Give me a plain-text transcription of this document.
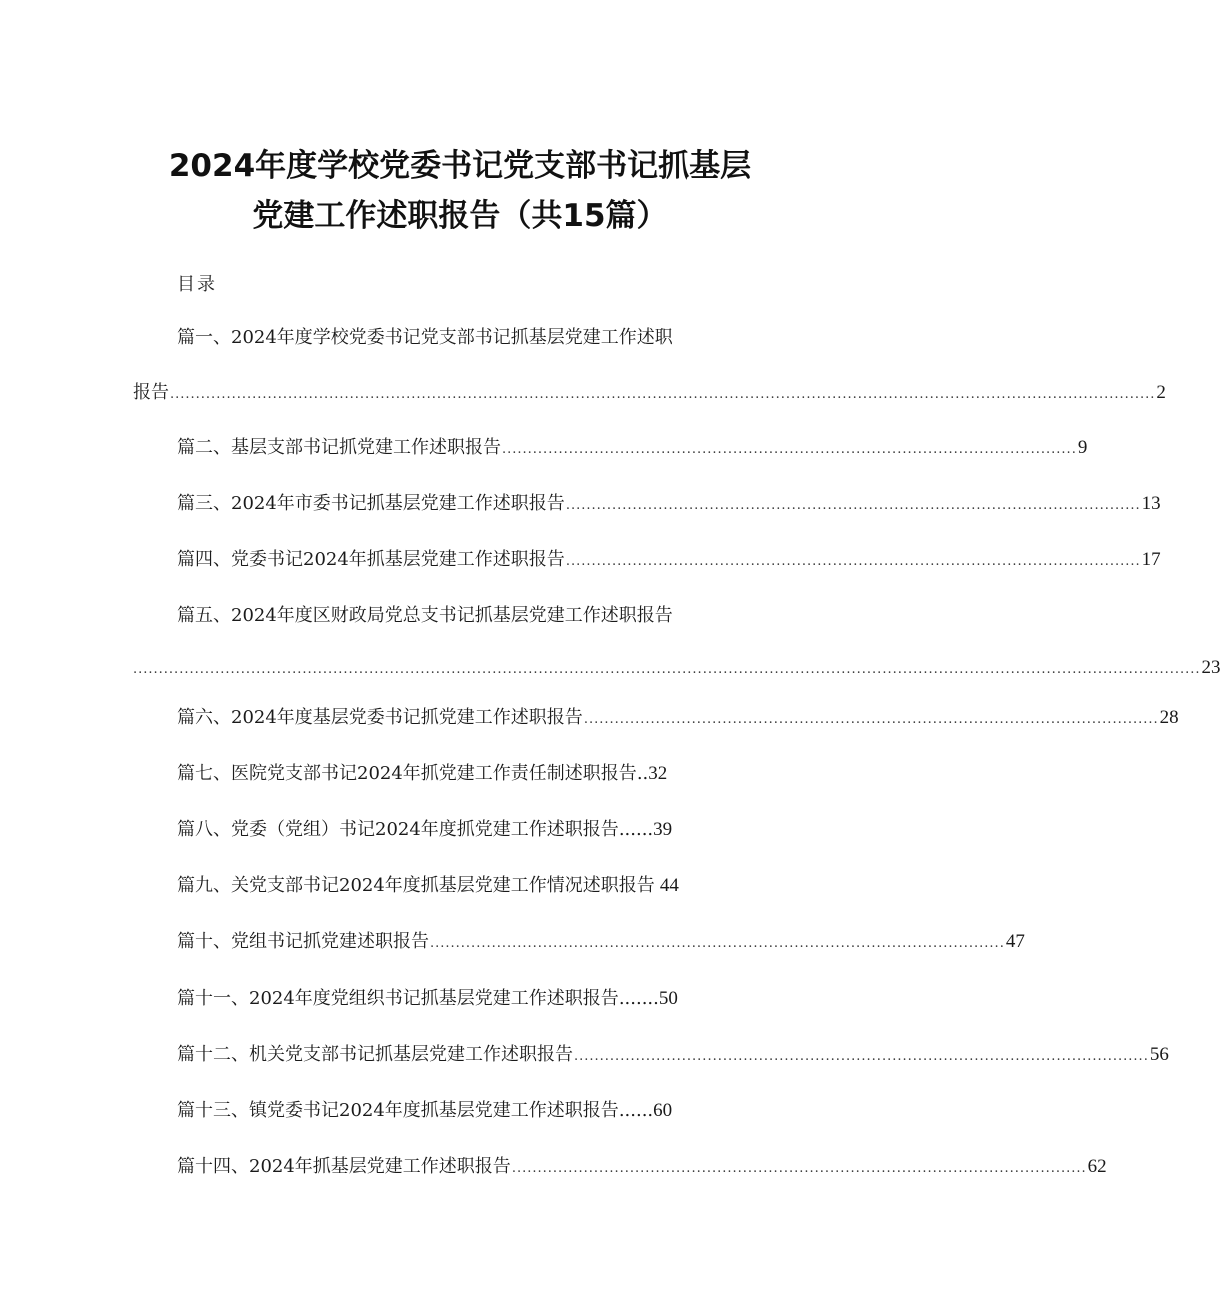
2024年度学校党委书记党支部书记抓基层
党建工作述职报告（共15篇）
目录
篇一、2024年度学校党委书记党支部书记抓基层党建工作述职
报告 ................................................................................................................................................................................................ 2
篇二、基层支部书记抓党建工作述职报告 ................................................................................................................ 9
篇三、2024年市委书记抓基层党建工作述职报告 ................................................................................................................ 13
篇四、党委书记2024年抓基层党建工作述职报告 ................................................................................................................ 17
篇五、2024年度区财政局党总支书记抓基层党建工作述职报告
................................................................................................................................................................................................................ 23
篇六、2024年度基层党委书记抓党建工作述职报告 ................................................................................................................ 28
篇七、医院党支部书记2024年抓党建工作责任制述职报告 .. 32
篇八、党委（党组）书记2024年度抓党建工作述职报告 ...... 39
篇九、关党支部书记2024年度抓基层党建工作情况述职报告 44
篇十、党组书记抓党建述职报告 ................................................................................................................ 47
篇十一、2024年度党组织书记抓基层党建工作述职报告 ....... 50
篇十二、机关党支部书记抓基层党建工作述职报告 ................................................................................................................ 56
篇十三、镇党委书记2024年度抓基层党建工作述职报告 ...... 60
篇十四、2024年抓基层党建工作述职报告 ................................................................................................................ 62
